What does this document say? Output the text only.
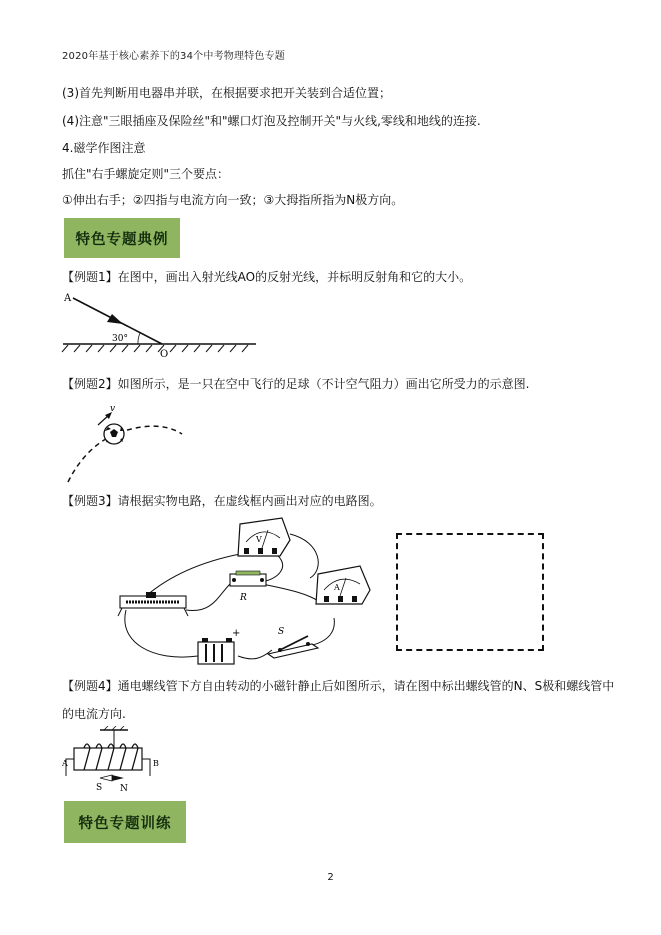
2020年基于核心素养下的34个中考物理特色专题
(3)首先判断用电器串并联，在根据要求把开关装到合适位置；
(4)注意"三眼插座及保险丝"和"螺口灯泡及控制开关"与火线,零线和地线的连接.
4.磁学作图注意
抓住"右手螺旋定则"三个要点：
①伸出右手；②四指与电流方向一致；③大拇指所指为N极方向。
特色专题典例
【例题1】在图中，画出入射光线AO的反射光线，并标明反射角和它的大小。
A
30°
O
【例题2】如图所示，是一只在空中飞行的足球（不计空气阻力）画出它所受力的示意图.
v
【例题3】请根据实物电路，在虚线框内画出对应的电路图。
V
R
A
+	S
【例题4】通电螺线管下方自由转动的小磁针静止后如图所示，请在图中标出螺线管的N、S极和螺线管中
的电流方向.
A	B
S N
特色专题训练
2
